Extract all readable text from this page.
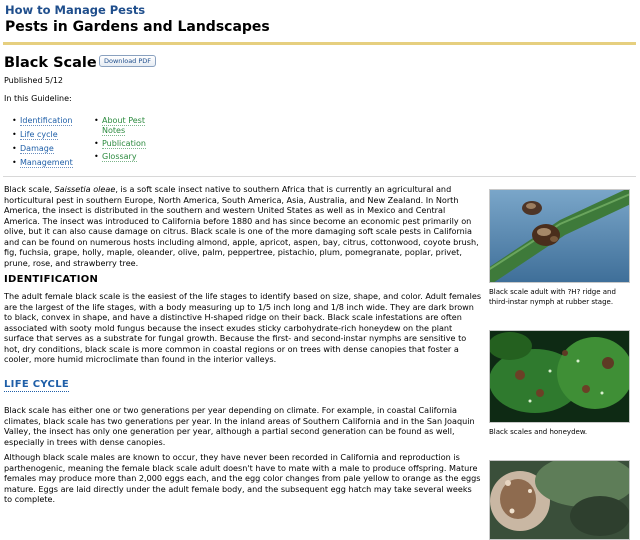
How to Manage Pests
Pests in Gardens and Landscapes
Black Scale	Download PDF
Published 5/12
In this Guideline:
• Identification
• Life cycle
• Damage
• Management
• About Pest
Notes
• Publication
• Glossary

Black scale, Saissetia oleae, is a soft scale insect native to southern Africa that is currently an agricultural and horticultural pest in southern Europe, North America, South America, Asia, Australia, and New Zealand. In North America, the insect is distributed in the southern and western United States as well as in Mexico and Central America. The insect was introduced to California before 1880 and has since become an economic pest primarily on olive, but it can also cause damage on citrus. Black scale is one of the more damaging soft scale pests in California and can be found on numerous hosts including almond, apple, apricot, aspen, bay, citrus, cottonwood, coyote brush, fig, fuchsia, grape, holly, maple, oleander, olive, palm, peppertree, pistachio, plum, pomegranate, poplar, privet, prune, rose, and strawberry tree.

IDENTIFICATION

The adult female black scale is the easiest of the life stages to identify based on size, shape, and color. Adult females are the largest of the life stages, with a body measuring up to 1/5 inch long and 1/8 inch wide. They are dark brown to black, convex in shape, and have a distinctive H-shaped ridge on their back. Black scale infestations are often associated with sooty mold fungus because the insect exudes sticky carbohydrate-rich honeydew on the plant surface that serves as a substrate for fungal growth. Because the first- and second-instar nymphs are sensitive to hot, dry conditions, black scale is more common in coastal regions or on trees with dense canopies that foster a cooler, more humid microclimate than found in the interior valleys.

LIFE CYCLE

Black scale has either one or two generations per year depending on climate. For example, in coastal California climates, black scale has two generations per year. In the inland areas of Southern California and in the San Joaquin Valley, the insect has only one generation per year, although a partial second generation can be found as well, especially in trees with dense canopies.

Although black scale males are known to occur, they have never been recorded in California and reproduction is parthenogenic, meaning the female black scale adult doesn't have to mate with a male to produce offspring. Mature females may produce more than 2,000 eggs each, and the egg color changes from pale yellow to orange as the eggs mature. Eggs are laid directly under the adult female body, and the subsequent egg hatch may take several weeks to complete.

Black scale adult with ?H? ridge and third-instar nymph at rubber stage.
Black scales and honeydew.
